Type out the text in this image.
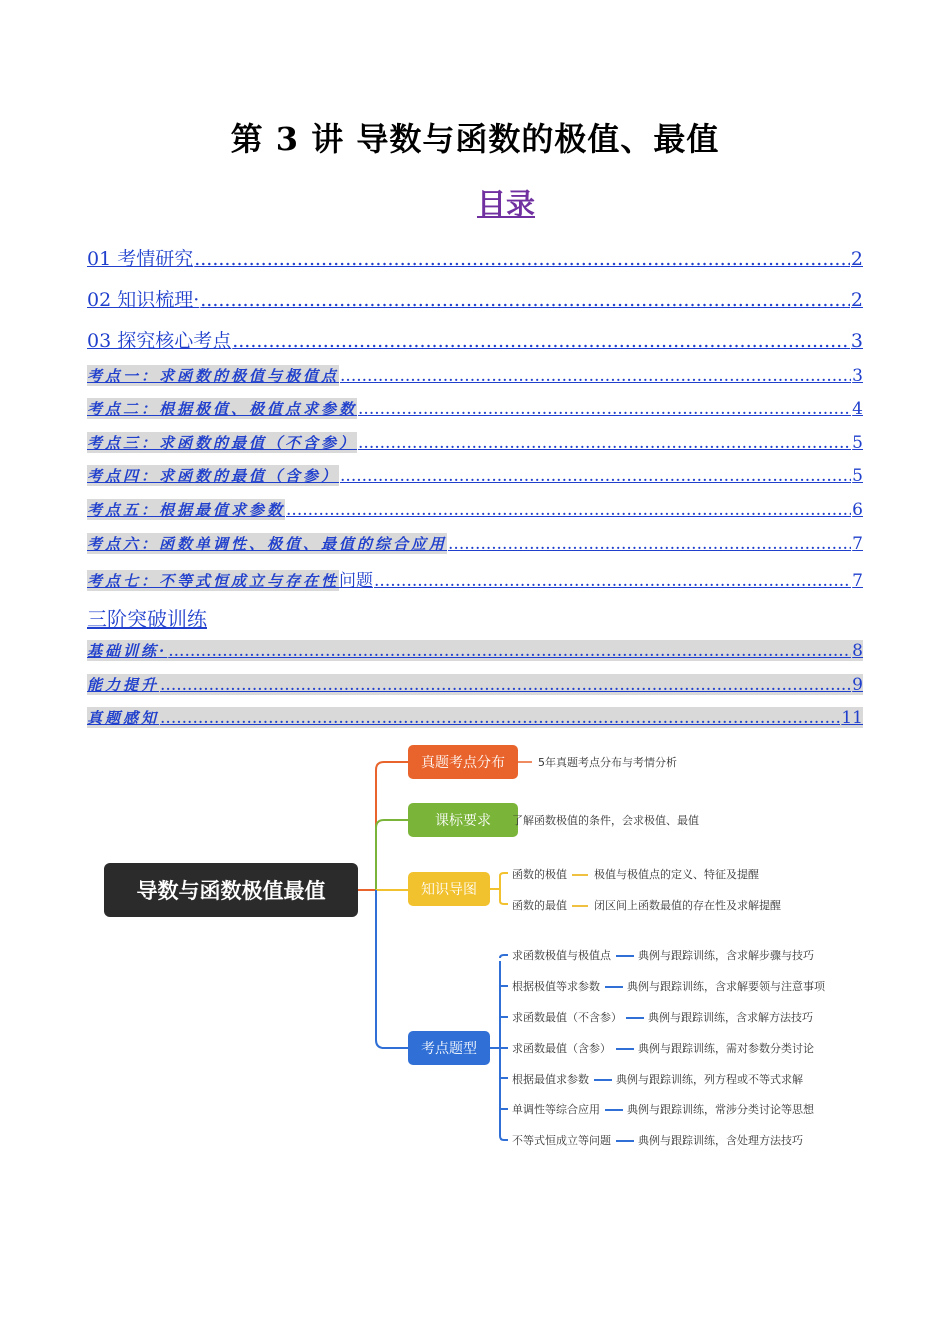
第 3 讲 导数与函数的极值、最值
目录
01 考情研究 .....	2
02 知识梳理· .....	2
03 探究核心考点 .....	3
考点一：求函数的极值与极值点 .....	3
考点二：根据极值、极值点求参数 .....	4
考点三：求函数的最值（不含参） .....	5
考点四：求函数的最值（含参） .....	5
考点五：根据最值求参数 .....	6
考点六：函数单调性、极值、最值的综合应用 .....	7
考点七：不等式恒成立与存在性 问题 .....	7
三阶突破训练
基础训练· .....	8
能力提升 .....	9
真题感知 .....	11
导数与函数极值最值
真题考点分布	5年真题考点分布与考情分析
课标要求	了解函数极值的条件，会求极值、最值
知识导图
函数的极值 极值与极值点的定义、特征及提醒
函数的最值 闭区间上函数最值的存在性及求解提醒
考点题型
求函数极值与极值点 典例与跟踪训练，含求解步骤与技巧
根据极值等求参数 典例与跟踪训练，含求解要领与注意事项
求函数最值（不含参） 典例与跟踪训练，含求解方法技巧
求函数最值（含参） 典例与跟踪训练，需对参数分类讨论
根据最值求参数 典例与跟踪训练，列方程或不等式求解
单调性等综合应用 典例与跟踪训练，常涉分类讨论等思想
不等式恒成立等问题 典例与跟踪训练，含处理方法技巧
